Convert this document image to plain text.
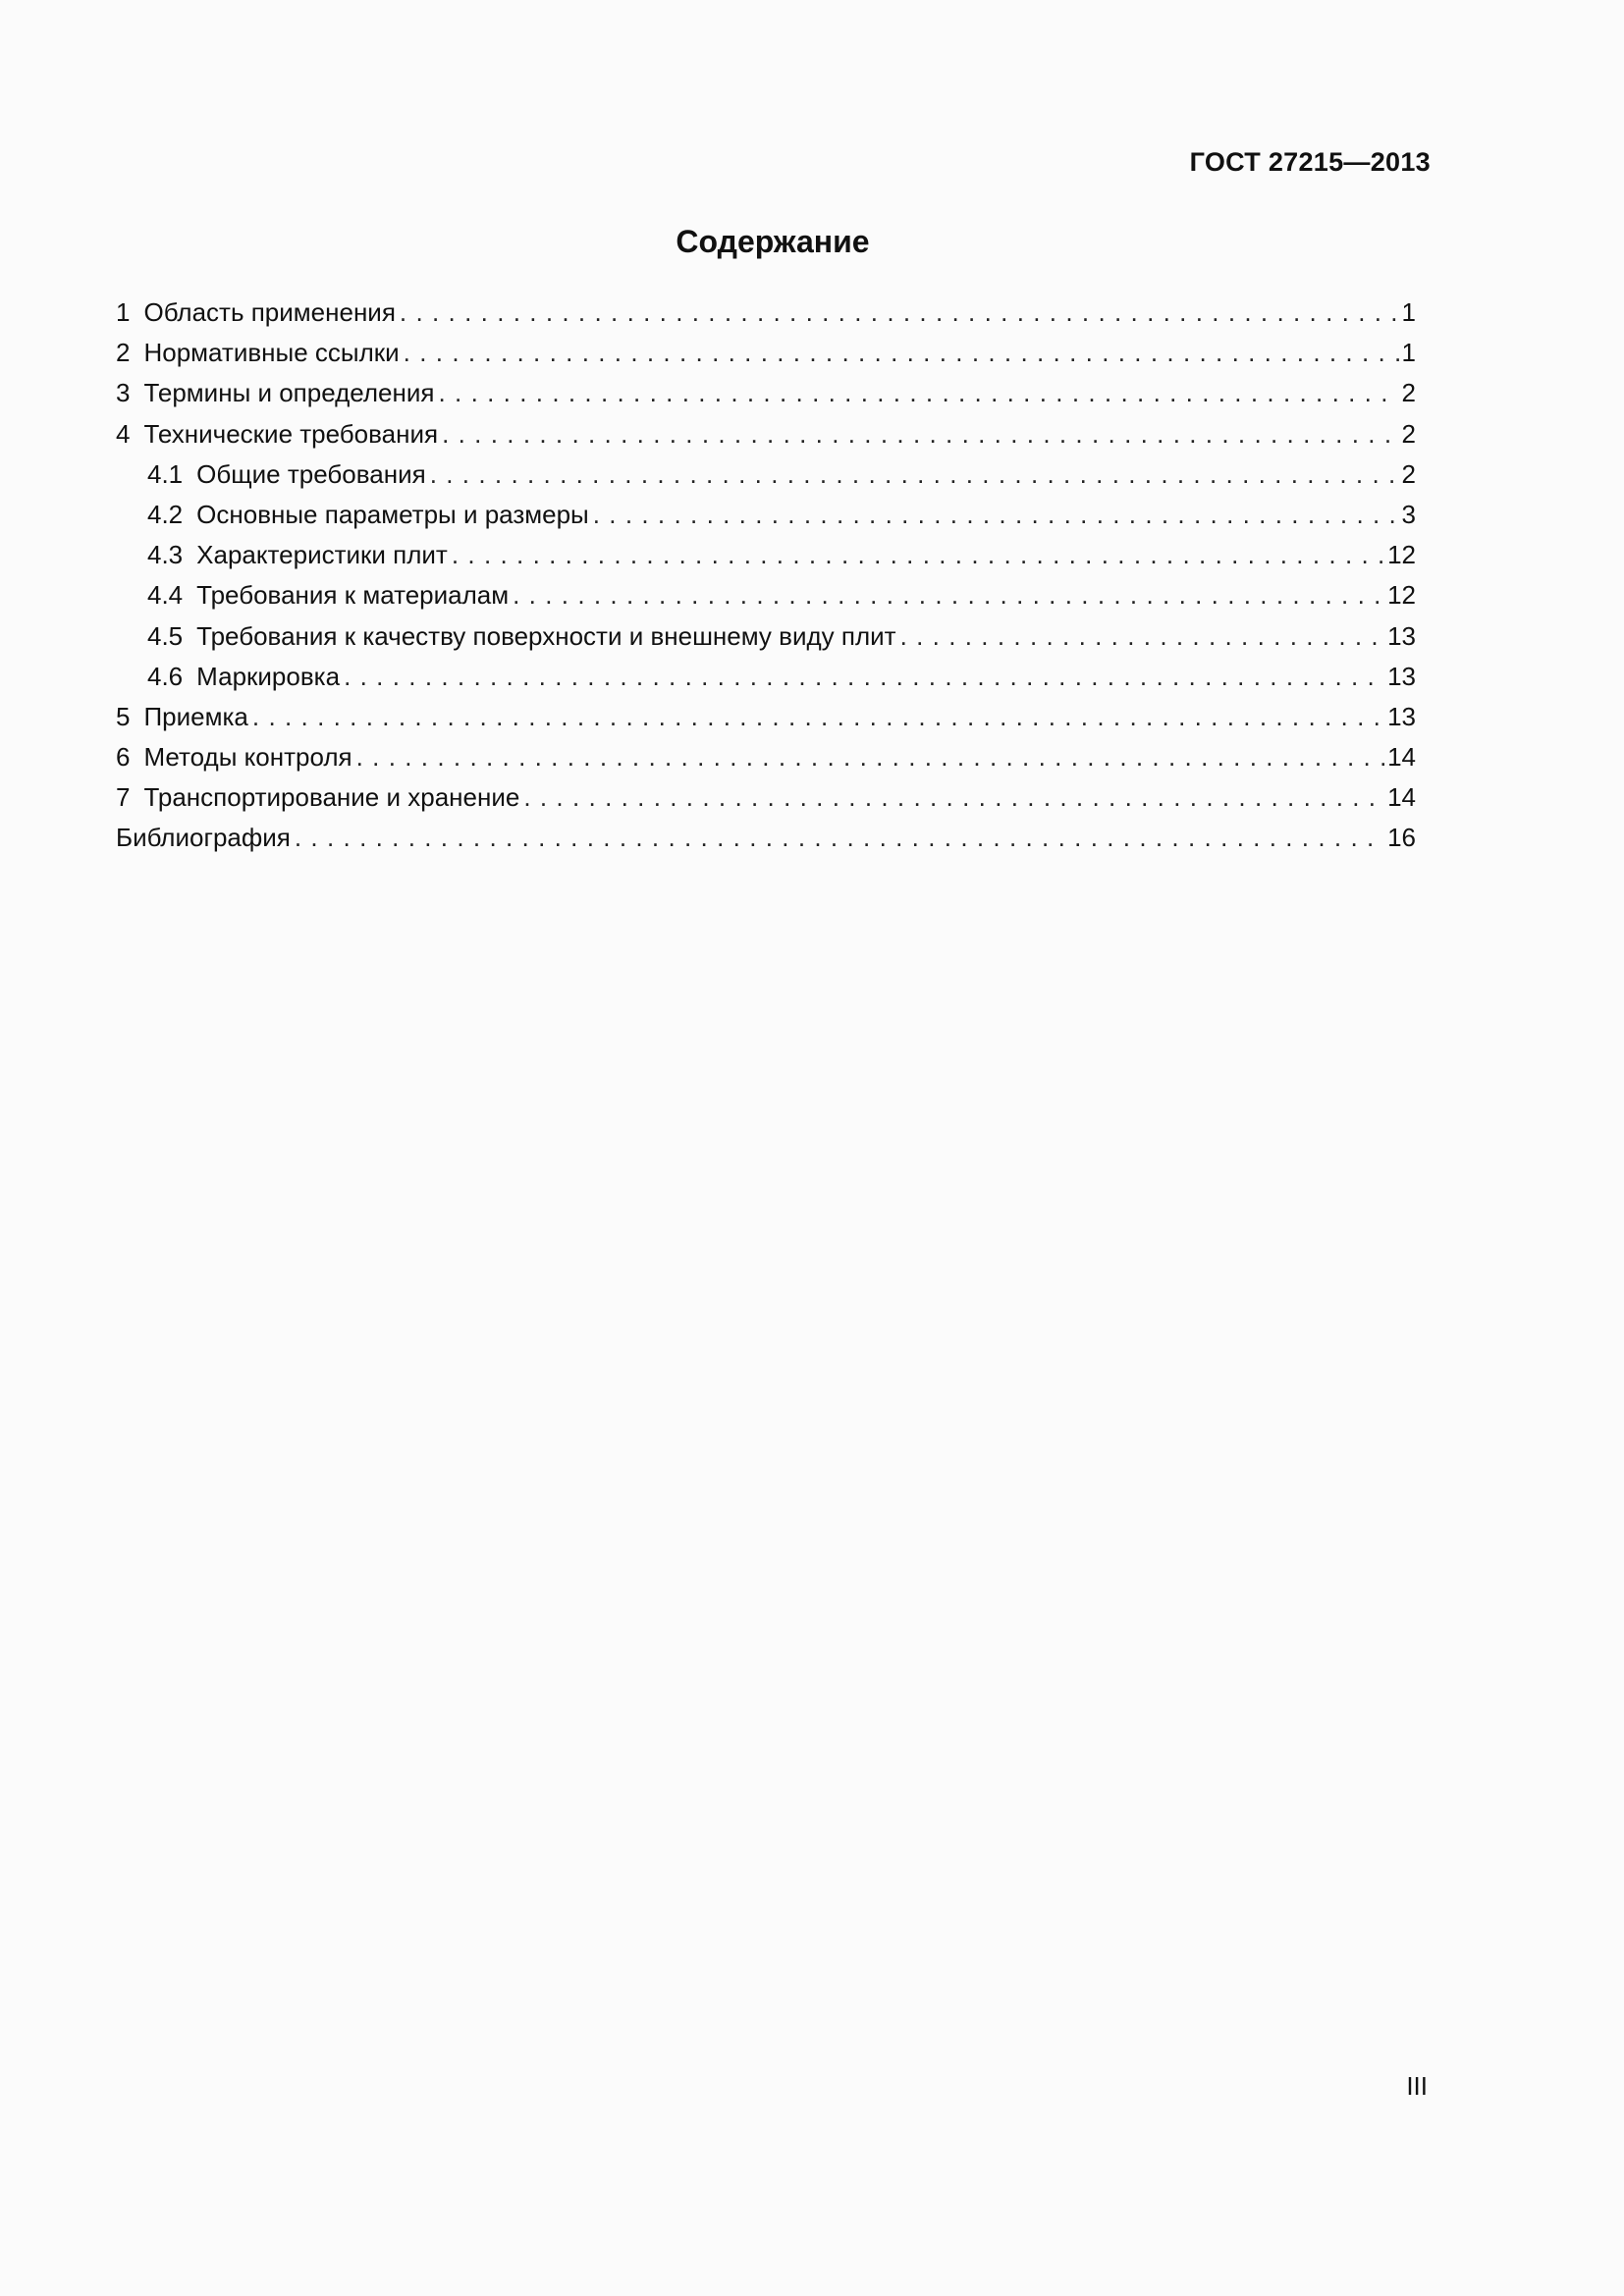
ГОСТ 27215—2013
Содержание
1 Область применения . . .	1
2 Нормативные ссылки . . .	1
3 Термины и определения . . .	2
4 Технические требования . . .	2
4.1 Общие требования . . .	2
4.2 Основные параметры и размеры . . .	3
4.3 Характеристики плит . . .	12
4.4 Требования к материалам . . .	12
4.5 Требования к качеству поверхности и внешнему виду плит . . .	13
4.6 Маркировка . . .	13
5 Приемка . . .	13
6 Методы контроля . . .	14
7 Транспортирование и хранение . . .	14
Библиография . . .	16
III
